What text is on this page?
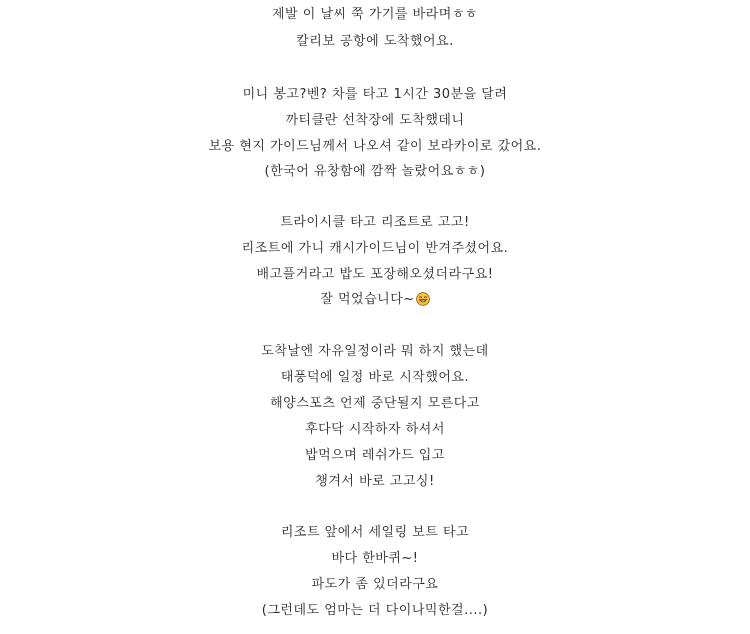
제발 이 날씨 쭉 가기를 바라며ㅎㅎ
칼리보 공항에 도착했어요.
미니 봉고?벤? 차를 타고 1시간 30분을 달려
까티클란 선착장에 도착했데니
보용 현지 가이드님께서 나오셔 같이 보라카이로 갔어요.
(한국어 유창함에 깜짝 놀랐어요ㅎㅎ)
트라이시클 타고 리조트로 고고!
리조트에 가니 캐시가이드님이 반겨주셨어요.
배고플거라고 밥도 포장해오셨더라구요!
잘 먹었습니다~
도착날엔 자유일정이라 뭐 하지 했는데
태풍덕에 일정 바로 시작했어요.
해양스포츠 언제 중단될지 모른다고
후다닥 시작하자 하셔서
밥먹으며 레쉬가드 입고
챙겨서 바로 고고싱!
리조트 앞에서 세일링 보트 타고
바다 한바퀴~!
파도가 좀 있더라구요
(그런데도 엄마는 더 다이나믹한걸....)
